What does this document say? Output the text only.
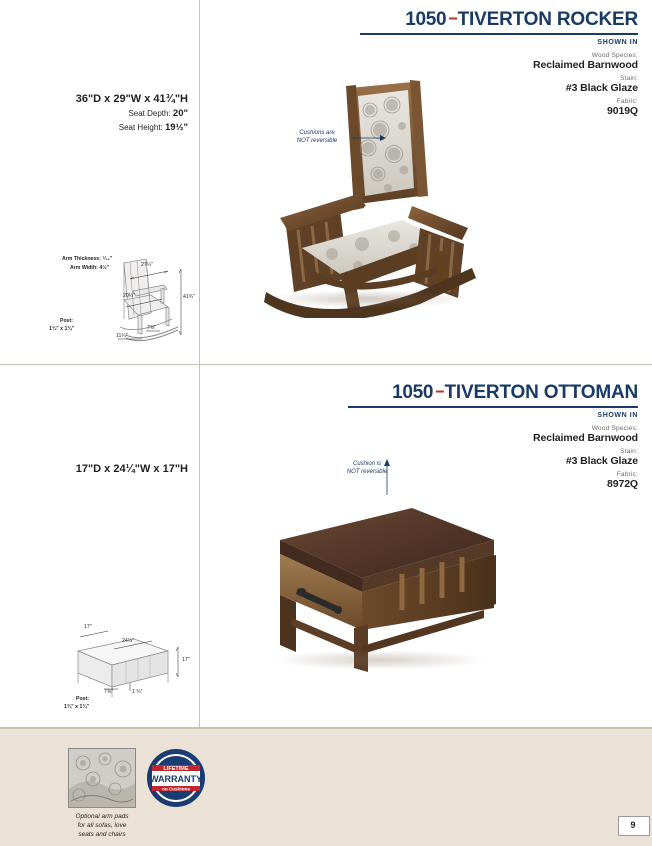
1050 -- TIVERTON ROCKER
SHOWN IN
Wood Species:
Reclaimed Barnwood
Stain:
#3 Black Glaze
Fabric:
9019Q
36"D x 29"W x 41¾"H
Seat Depth: 20"
Seat Height: 19½"
Arm Thickness: ⁷⁄₁₆"
Arm Width: 4½"	27¼"
20¼"	41¾"
Post:
1¾" x 1¾"
11¼"
7⅜"
Cushions are
NOT reversible
1050 -- TIVERTON OTTOMAN
SHOWN IN
Wood Species:
Reclaimed Barnwood
Stain:
#3 Black Glaze
Fabric:
8972Q
17"D x 24¼"W x 17"H
17"
24¼"
17"
7⅜"	1 ¾"
Post:
1¾" x 1¾"
Cushion is
NOT reversible
Optional arm pads
for all sofas, love
seats and chairs
LIFETIME
WARRANTY
on Cushions
9
